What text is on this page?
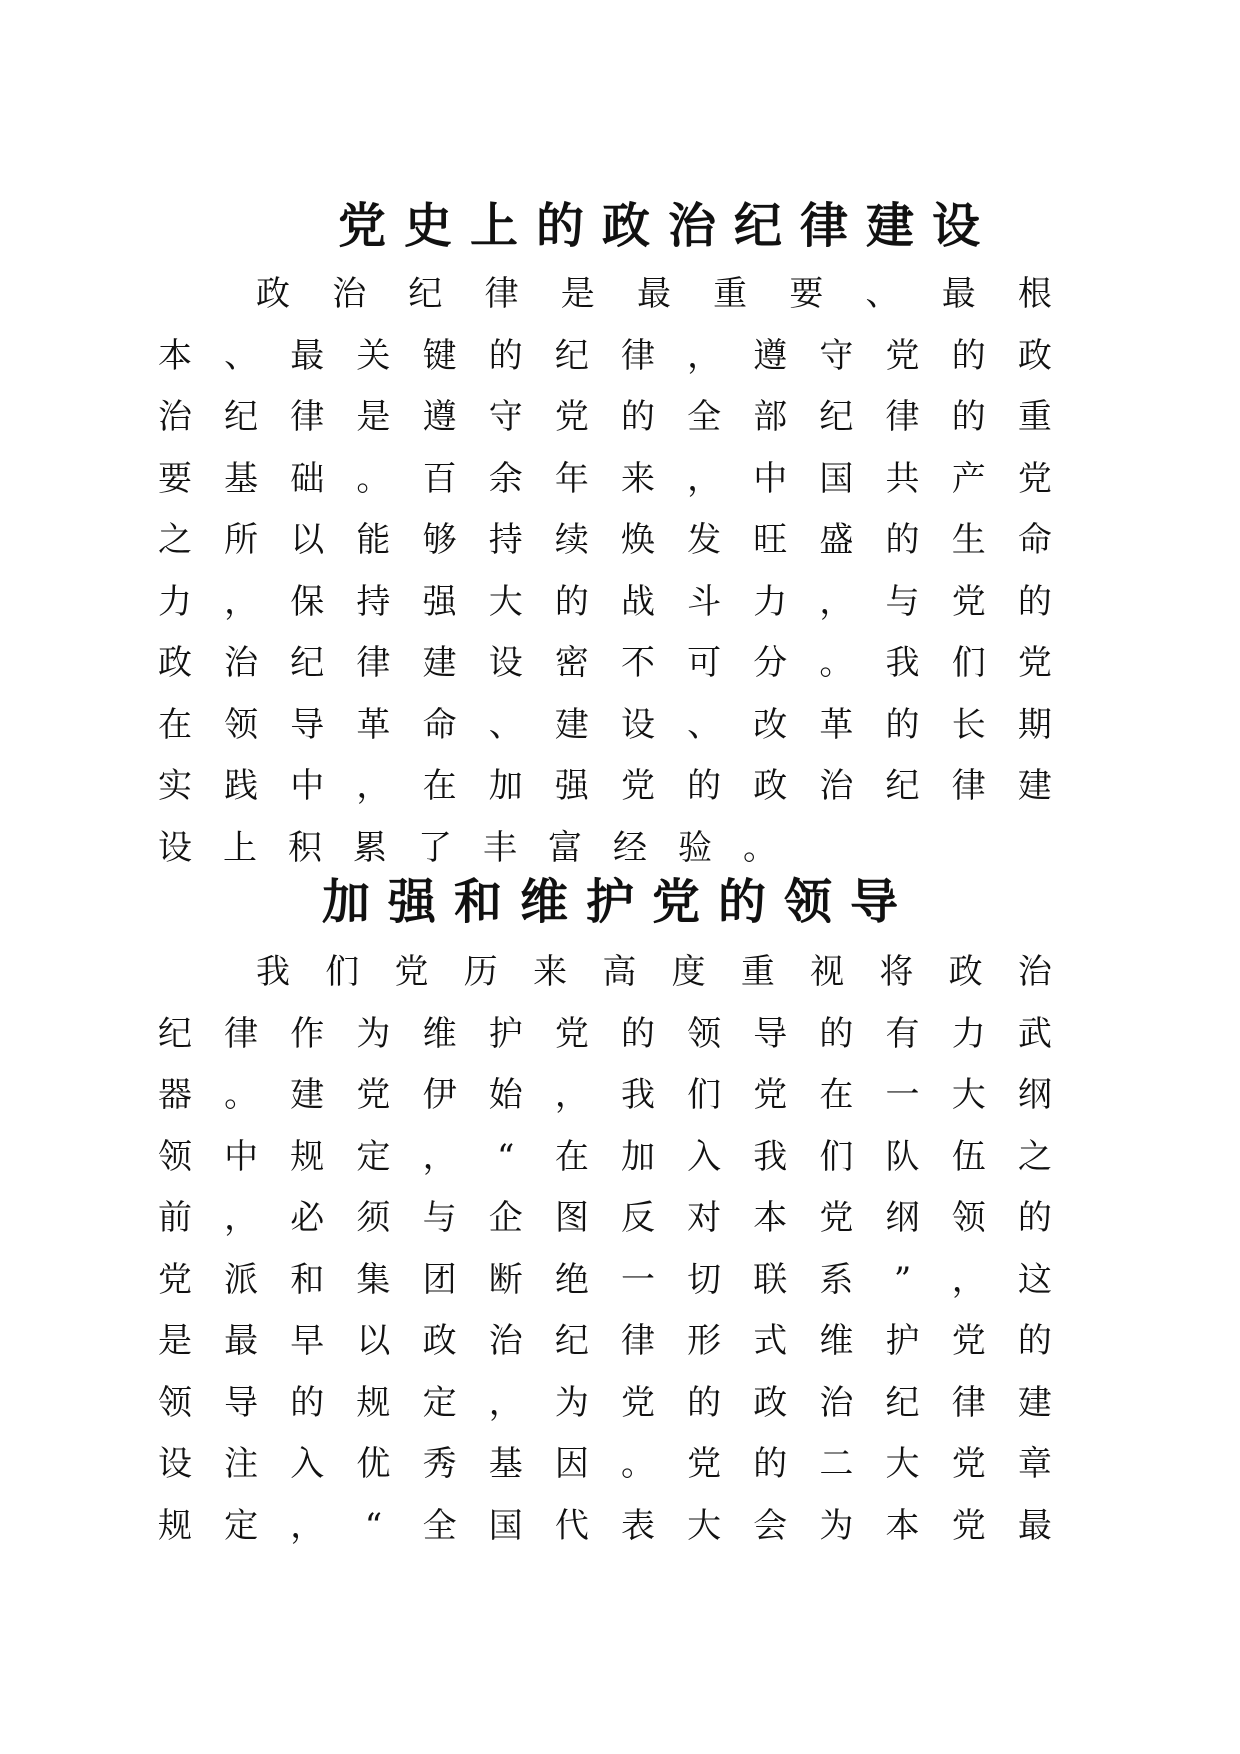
党史上的政治纪律建设
政 治 纪 律 是 最 重 要 、 最 根
本 、 最 关 键 的 纪 律 ， 遵 守 党 的 政
治 纪 律 是 遵 守 党 的 全 部 纪 律 的 重
要 基 础 。 百 余 年 来 ， 中 国 共 产 党
之 所 以 能 够 持 续 焕 发 旺 盛 的 生 命
力 ， 保 持 强 大 的 战 斗 力 ， 与 党 的
政 治 纪 律 建 设 密 不 可 分 。 我 们 党
在 领 导 革 命 、 建 设 、 改 革 的 长 期
实 践 中 ， 在 加 强 党 的 政 治 纪 律 建
设 上 积 累 了 丰 富 经 验 。
加强和维护党的领导
我 们 党 历 来 高 度 重 视 将 政 治
纪 律 作 为 维 护 党 的 领 导 的 有 力 武
器 。 建 党 伊 始 ， 我 们 党 在 一 大 纲
领 中 规 定 ，	“	在 加 入 我 们 队 伍 之
前 ， 必 须 与 企 图 反 对 本 党 纲 领 的
党 派 和 集 团 断 绝 一 切 联 系	”	， 这
是 最 早 以 政 治 纪 律 形 式 维 护 党 的
领 导 的 规 定 ， 为 党 的 政 治 纪 律 建
设 注 入 优 秀 基 因 。 党 的 二 大 党 章
规 定 ，	“	全 国 代 表 大 会 为 本 党 最
